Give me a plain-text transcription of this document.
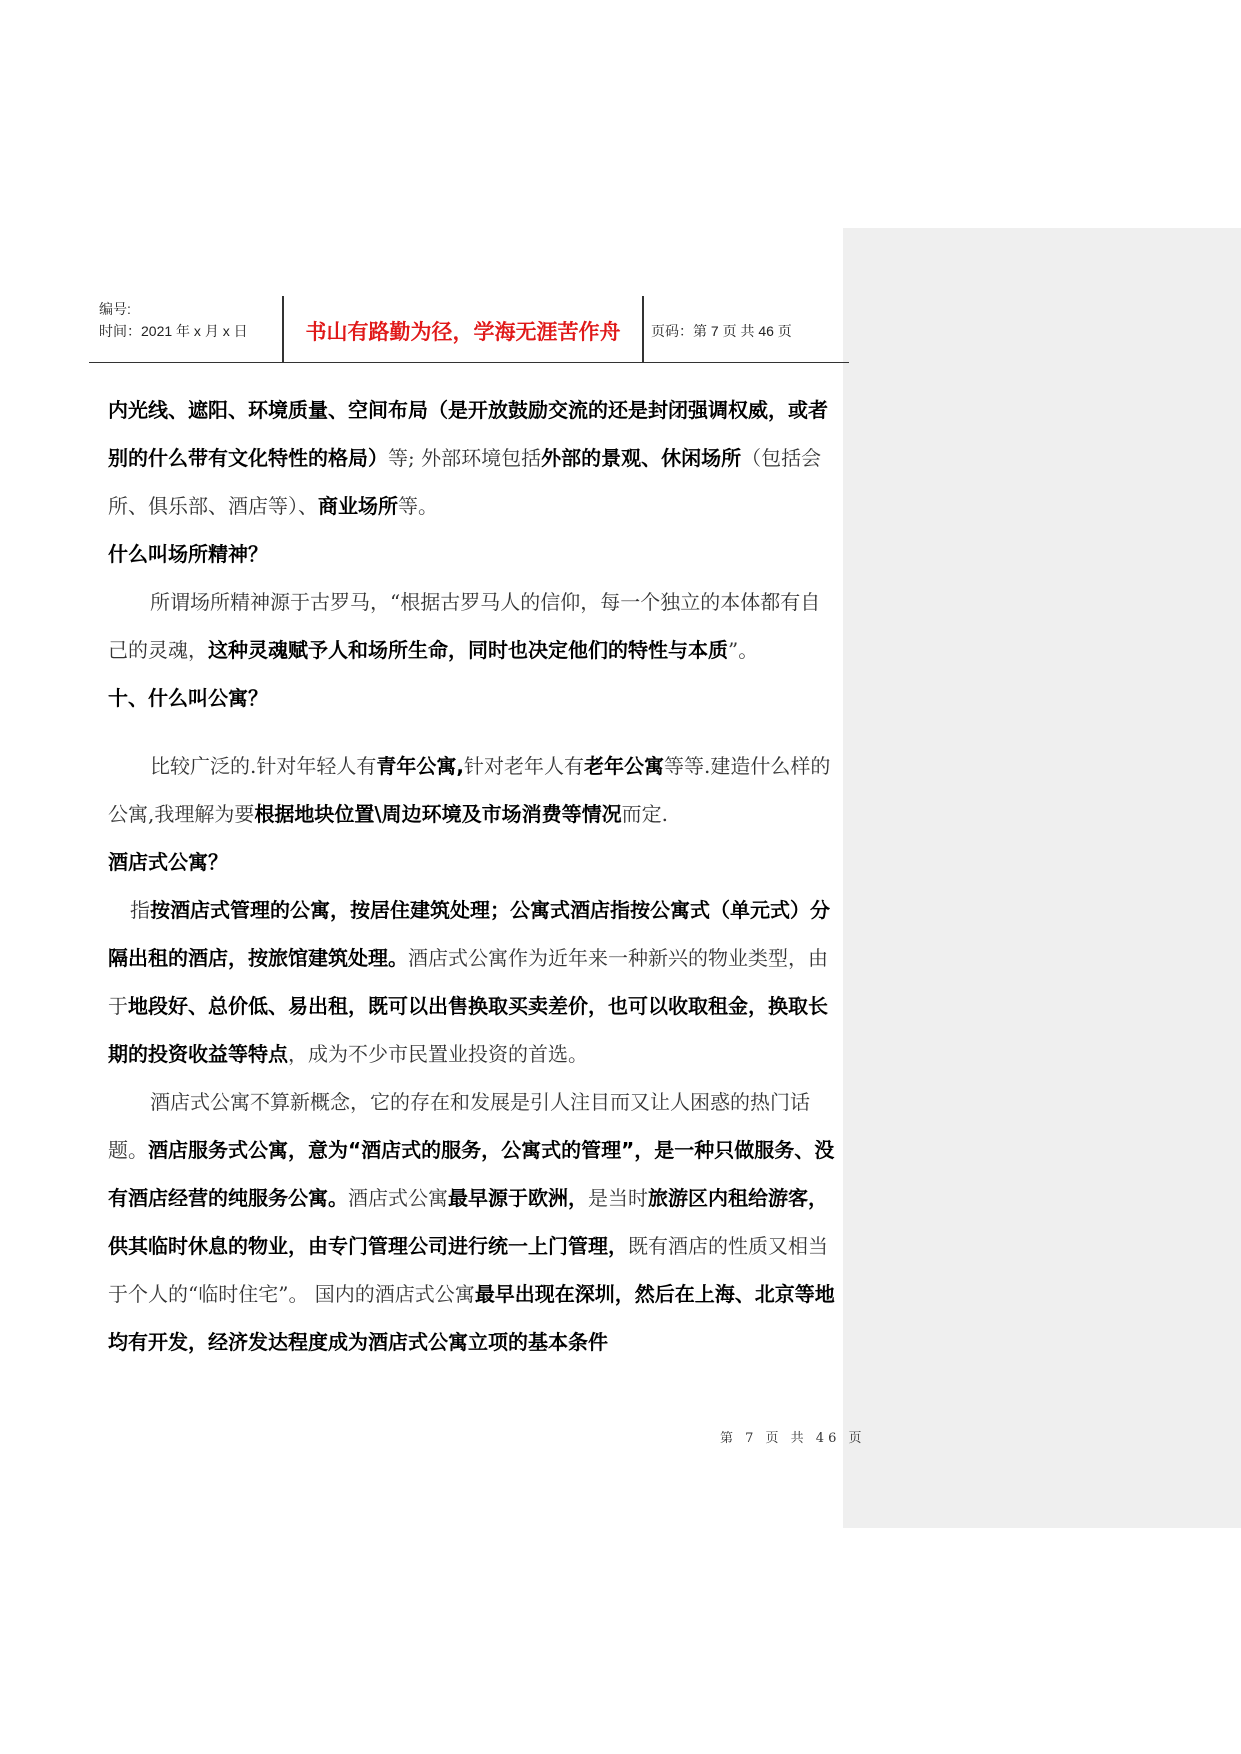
编号:
时间：2021 年 x 月 x 日	书山有路勤为径，学海无涯苦作舟	页码：第 7 页 共 46 页

内光线、遮阳、环境质量、空间布局（是开放鼓励交流的还是封闭强调权威，或者别的什么带有文化特性的格局）等; 外部环境包括外部的景观、休闲场所（包括会所、俱乐部、酒店等）、商业场所等。

什么叫场所精神？

所谓场所精神源于古罗马，“根据古罗马人的信仰，每一个独立的本体都有自己的灵魂，这种灵魂赋予人和场所生命，同时也决定他们的特性与本质”。

十、什么叫公寓？

比较广泛的.针对年轻人有青年公寓,针对老年人有老年公寓等等.建造什么样的公寓,我理解为要根据地块位置\周边环境及市场消费等情况而定.

酒店式公寓？

指按酒店式管理的公寓，按居住建筑处理；公寓式酒店指按公寓式（单元式）分隔出租的酒店，按旅馆建筑处理。酒店式公寓作为近年来一种新兴的物业类型，由于地段好、总价低、易出租，既可以出售换取买卖差价，也可以收取租金，换取长期的投资收益等特点，成为不少市民置业投资的首选。

酒店式公寓不算新概念，它的存在和发展是引人注目而又让人困惑的热门话题。酒店服务式公寓，意为“酒店式的服务，公寓式的管理”，是一种只做服务、没有酒店经营的纯服务公寓。酒店式公寓最早源于欧洲，是当时旅游区内租给游客，供其临时休息的物业，由专门管理公司进行统一上门管理，既有酒店的性质又相当于个人的“临时住宅”。 国内的酒店式公寓最早出现在深圳，然后在上海、北京等地均有开发，经济发达程度成为酒店式公寓立项的基本条件

第 7 页 共 46 页
